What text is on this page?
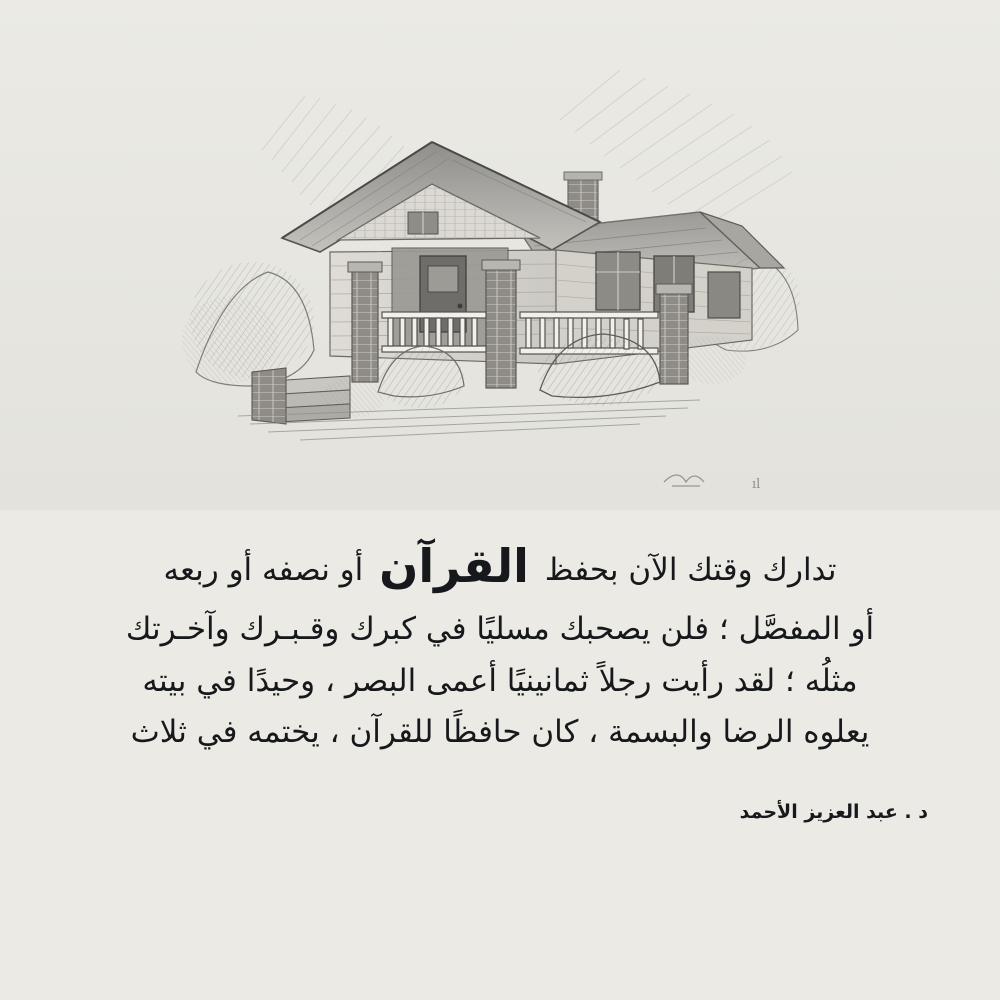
ıl
تدارك وقتك الآن بحفظ القرآن أو نصفه أو ربعه
أو المفصَّل ؛ فلن يصحبك مسليًا في كبرك وقـبـرك وآخـرتك
مثلُه ؛ لقد رأيت رجلاً ثمانينيًا أعمى البصر ، وحيدًا في بيته
يعلوه الرضا والبسمة ، كان حافظًا للقرآن ، يختمه في ثلاث
د . عبد العزيز الأحمد
